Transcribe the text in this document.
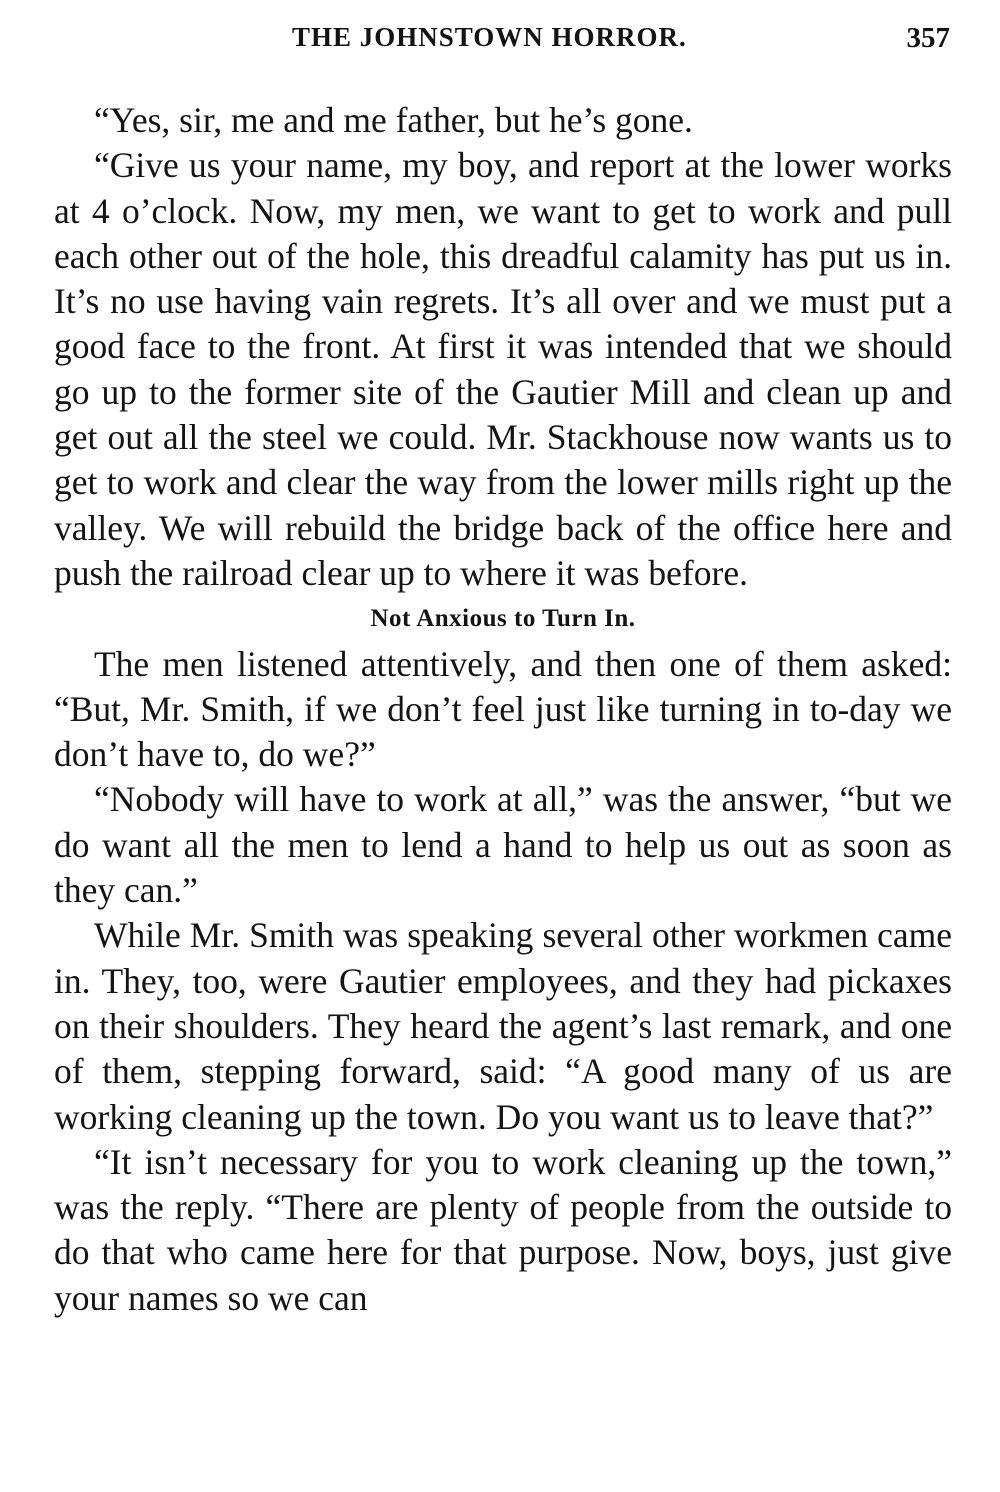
THE JOHNSTOWN HORROR.	357

“Yes, sir, me and me father, but he’s gone.

“Give us your name, my boy, and report at the lower works at 4 o’clock. Now, my men, we want to get to work and pull each other out of the hole, this dreadful calamity has put us in. It’s no use having vain regrets. It’s all over and we must put a good face to the front. At first it was intended that we should go up to the former site of the Gautier Mill and clean up and get out all the steel we could. Mr. Stackhouse now wants us to get to work and clear the way from the lower mills right up the valley. We will rebuild the bridge back of the office here and push the railroad clear up to where it was before.

Not Anxious to Turn In.

The men listened attentively, and then one of them asked: “But, Mr. Smith, if we don’t feel just like turning in to-day we don’t have to, do we?”

“Nobody will have to work at all,” was the answer, “but we do want all the men to lend a hand to help us out as soon as they can.”

While Mr. Smith was speaking several other workmen came in. They, too, were Gautier employees, and they had pickaxes on their shoulders. They heard the agent’s last remark, and one of them, stepping forward, said: “A good many of us are working cleaning up the town. Do you want us to leave that?”

“It isn’t necessary for you to work cleaning up the town,” was the reply. “There are plenty of people from the outside to do that who came here for that purpose. Now, boys, just give your names so we can
